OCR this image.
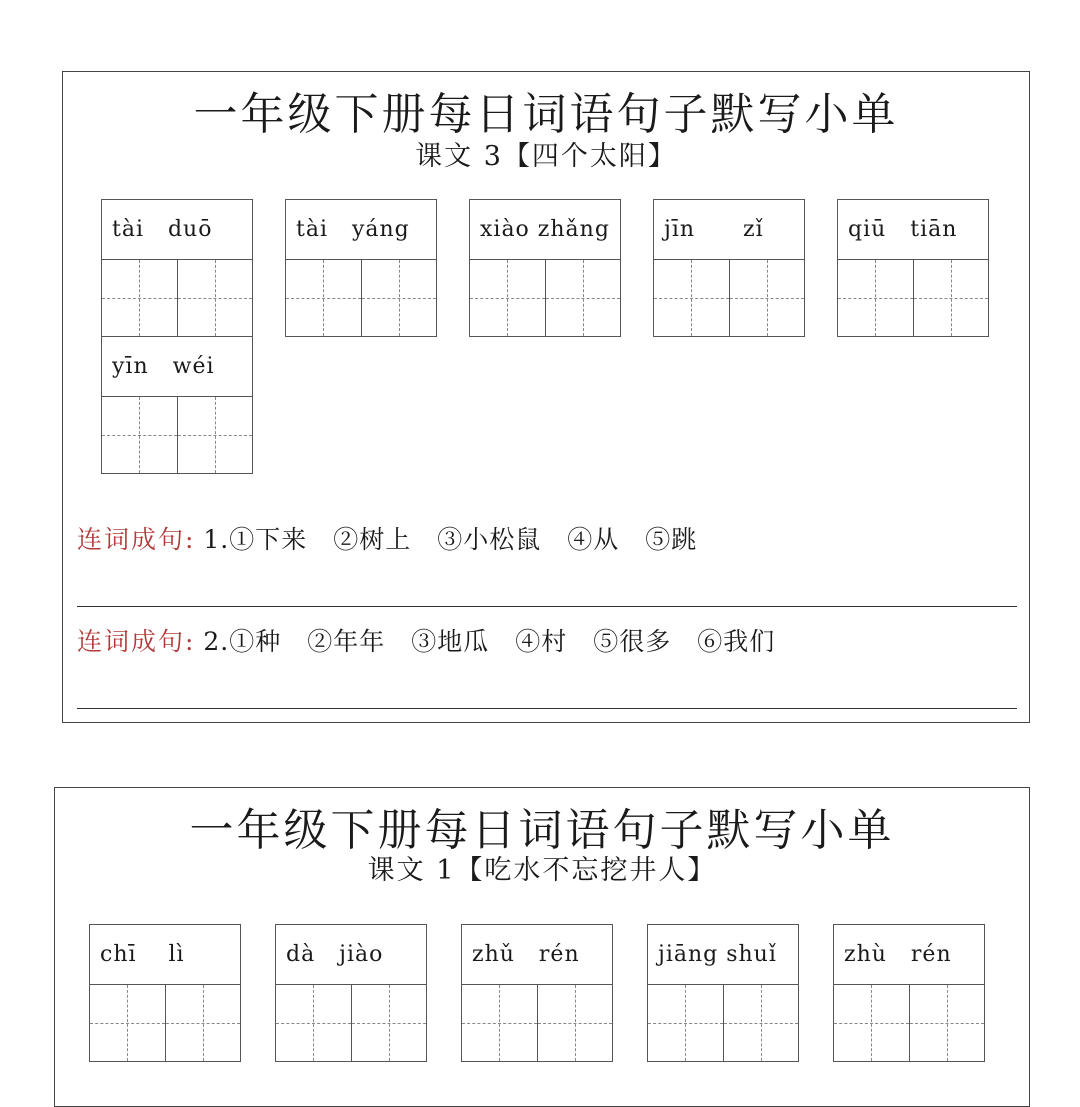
一年级下册每日词语句子默写小单
课文 3【四个太阳】
tài   duō	tài   yáng	xiào zhǎng	jīn      zǐ	qiū   tiān
yīn   wéi
连词成句: 1.①下来　②树上　③小松鼠　④从　⑤跳
连词成句: 2.①种　②年年　③地瓜　④村　⑤很多　⑥我们
一年级下册每日词语句子默写小单
课文 1【吃水不忘挖井人】
chī    lì	dà   jiào	zhǔ   rén	jiāng shuǐ	zhù   rén
